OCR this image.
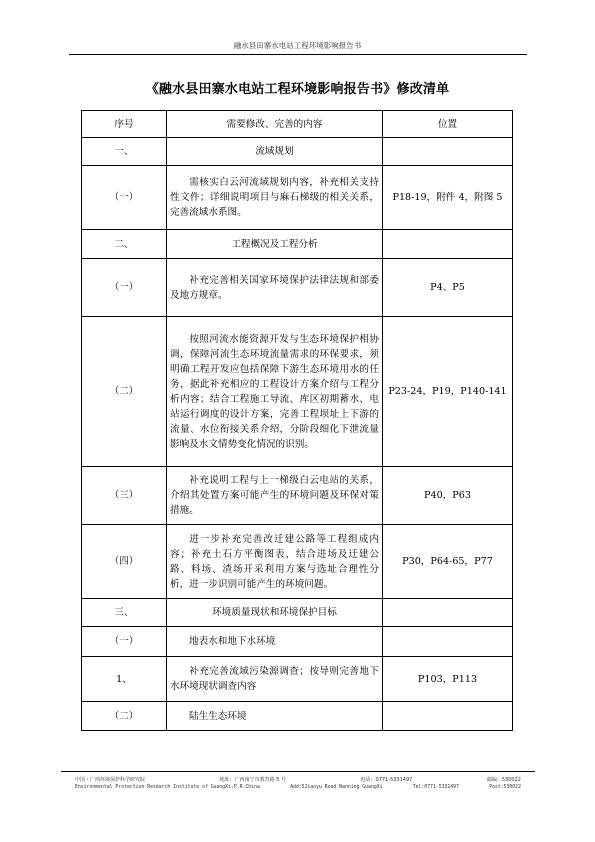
融水县田寨水电站工程环境影响报告书
《融水县田寨水电站工程环境影响报告书》修改清单
序号	需要修改、完善的内容	位置
一、	流域规划	
（一）	需核实白云河流域规划内容，补充相关支持性文件；详细说明项目与麻石梯级的相关关系，完善流域水系图。	P18-19，附件 4，附图 5
二、	工程概况及工程分析	
（一）	补充完善相关国家环境保护法律法规和部委及地方规章。	P4、P5
（二）	按照河流水能资源开发与生态环境保护相协调，保障河流生态环境流量需求的环保要求，须明确工程开发应包括保障下游生态环境用水的任务，据此补充相应的工程设计方案介绍与工程分析内容；结合工程施工导流、库区初期蓄水、电站运行调度的设计方案，完善工程坝址上下游的流量、水位衔接关系介绍，分阶段细化下泄流量影响及水文情势变化情况的识别。	P23-24，P19，P140-141
（三）	补充说明工程与上一梯级白云电站的关系，介绍其处置方案可能产生的环境问题及环保对策措施。	P40，P63
（四）	进一步补充完善改迁建公路等工程组成内容；补充土石方平衡图表，结合进场及迁建公路、料场、渣场开采利用方案与选址合理性分析，进一步识别可能产生的环境问题。	P30，P64-65，P77
三、	环境质量现状和环境保护目标	
（一）	地表水和地下水环境	
1、	补充完善流域污染源调查；按导则完善地下水环境现状调查内容	P103，P113
（二）	陆生生态环境	
中国・广西环境保护科学研究院	地址：广西南宁市教育路 5 号	电话：0771-5331497	邮编：530022
Environmental Protection Research Institute of GuangXi.P.R.China	Add:5Jiaoyu Road Nanning GuangXi	Tel:0771-5331497	Post:530022
